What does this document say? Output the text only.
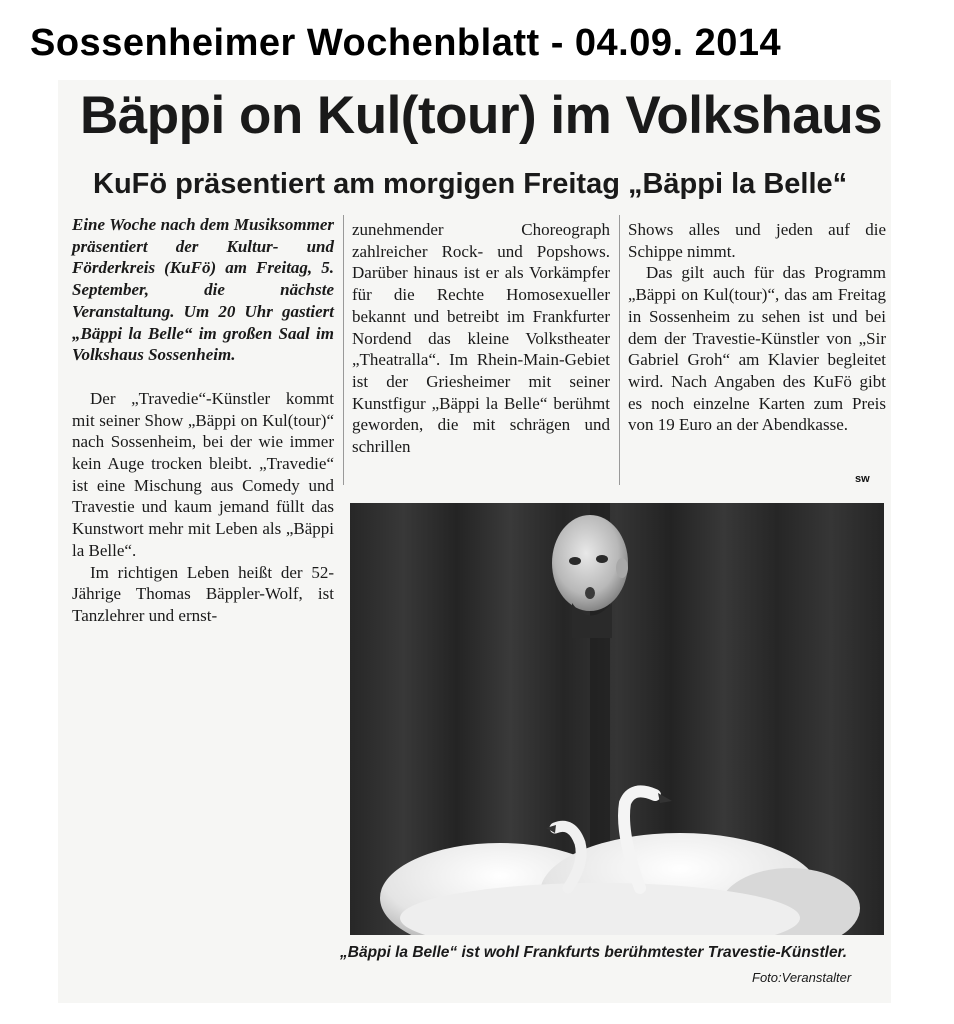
Sossenheimer Wochenblatt - 04.09. 2014
Bäppi on Kul(tour) im Volkshaus
KuFö präsentiert am morgigen Freitag „Bäppi la Belle“

Eine Woche nach dem Musiksommer präsentiert der Kultur- und Förderkreis (KuFö) am Freitag, 5. September, die nächste Veranstaltung. Um 20 Uhr gastiert „Bäppi la Belle“ im großen Saal im Volkshaus Sossenheim.

Der „Travedie“-Künstler kommt mit seiner Show „Bäppi on Kul(tour)“ nach Sossenheim, bei der wie immer kein Auge trocken bleibt. „Travedie“ ist eine Mischung aus Comedy und Travestie und kaum jemand füllt das Kunstwort mehr mit Leben als „Bäppi la Belle“.

Im richtigen Leben heißt der 52-Jährige Thomas Bäppler-Wolf, ist Tanzlehrer und ernst-

zunehmender Choreograph zahlreicher Rock- und Popshows. Darüber hinaus ist er als Vorkämpfer für die Rechte Homosexueller bekannt und betreibt im Frankfurter Nordend das kleine Volkstheater „Theatralla“. Im Rhein-Main-Gebiet ist der Griesheimer mit seiner Kunstfigur „Bäppi la Belle“ berühmt geworden, die mit schrägen und schrillen

Shows alles und jeden auf die Schippe nimmt.

Das gilt auch für das Programm „Bäppi on Kul(tour)“, das am Freitag in Sossenheim zu sehen ist und bei dem der Travestie-Künstler von „Sir Gabriel Groh“ am Klavier begleitet wird. Nach Angaben des KuFö gibt es noch einzelne Karten zum Preis von 19 Euro an der Abendkasse.

sw
„Bäppi la Belle“ ist wohl Frankfurts berühmtester Travestie-Künstler.
Foto:Veranstalter
